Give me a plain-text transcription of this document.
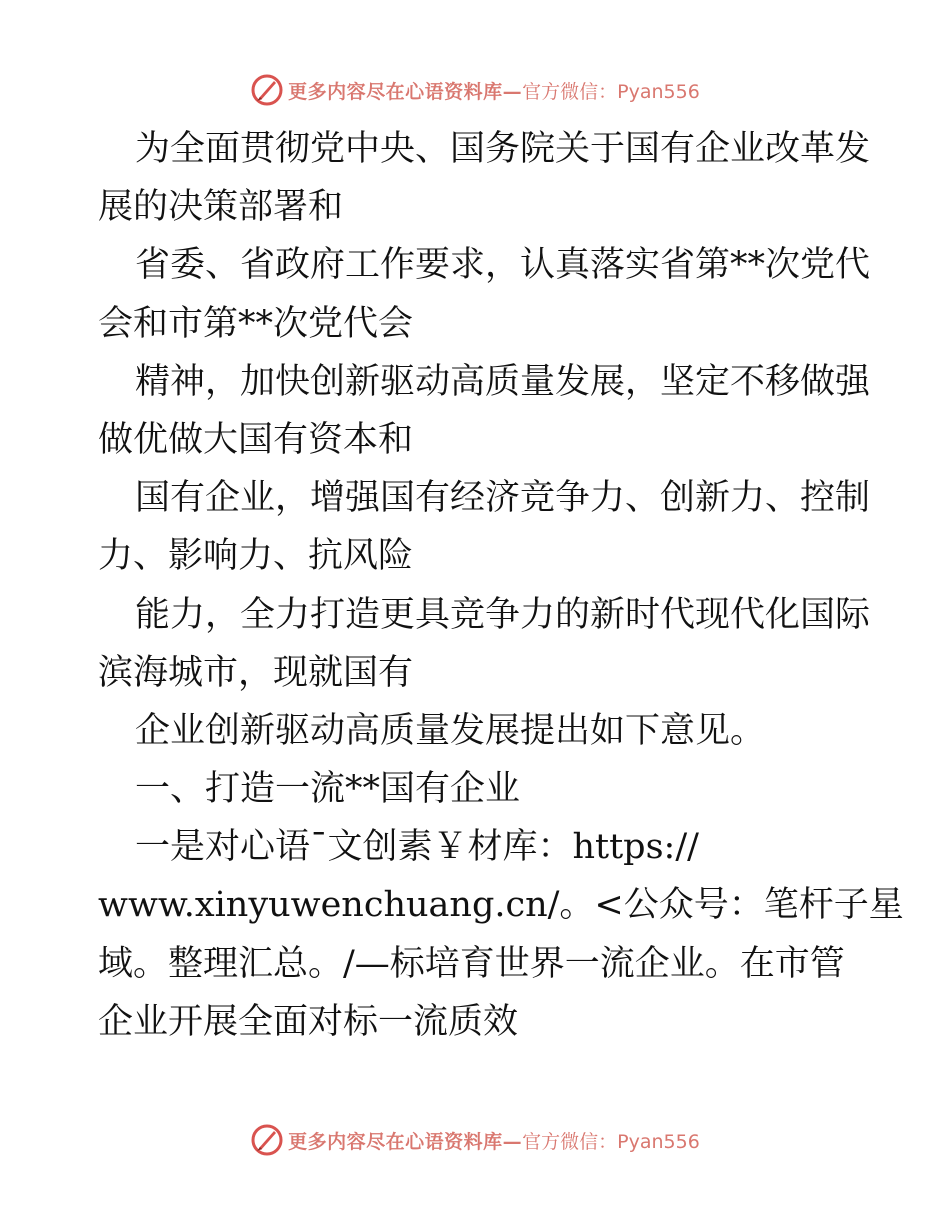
更多内容尽在心语资料库— 官方微信：Pyan556
为全面贯彻党中央、国务院关于国有企业改革发
展的决策部署和
省委、省政府工作要求，认真落实省第**次党代
会和市第**次党代会
精神，加快创新驱动高质量发展，坚定不移做强
做优做大国有资本和
国有企业，增强国有经济竞争力、创新力、控制
力、影响力、抗风险
能力，全力打造更具竞争力的新时代现代化国际
滨海城市，现就国有
企业创新驱动高质量发展提出如下意见。
一、打造一流**国有企业
一是对心语¯文创素￥材库：https://
www.xinyuwenchuang.cn/。<公众号：笔杆子星
域。整理汇总。/—标培育世界一流企业。在市管
企业开展全面对标一流质效
更多内容尽在心语资料库— 官方微信：Pyan556
